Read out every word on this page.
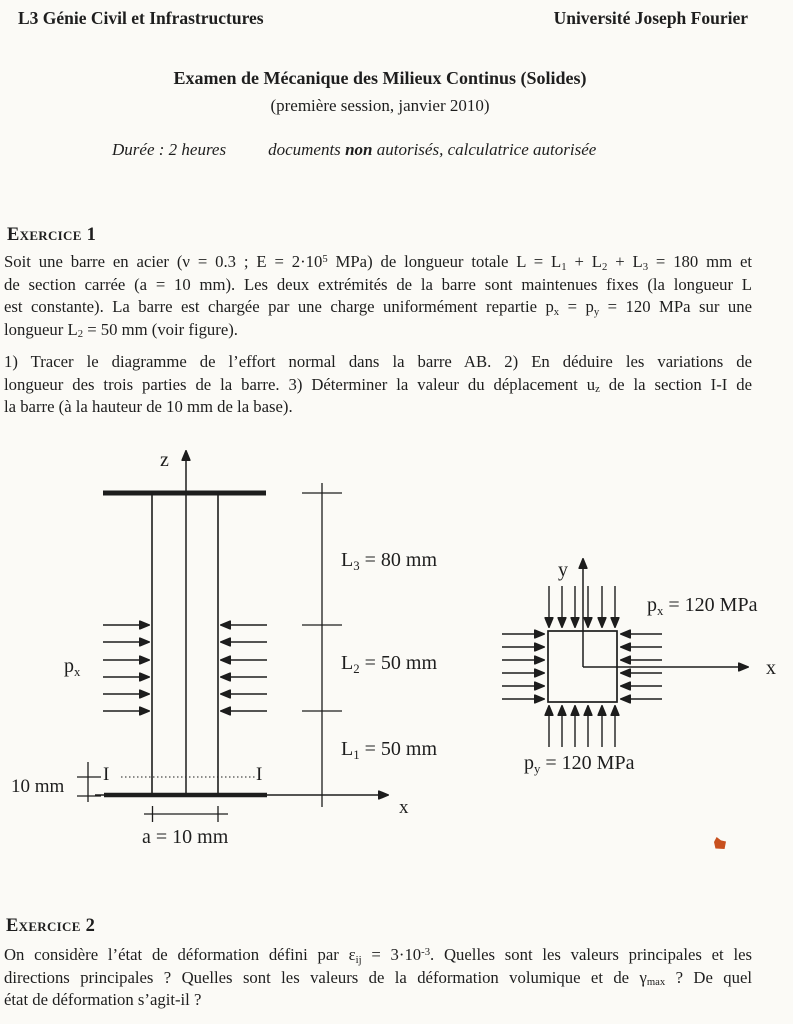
L3 Génie Civil et Infrastructures	Université Joseph Fourier
Examen de Mécanique des Milieux Continus (Solides)
(première session, janvier 2010)
Durée : 2 heures documents non autorisés, calculatrice autorisée
Exercice 1
Soit une barre en acier (ν = 0.3 ; $E = 2\cdot 10^5$ MPa) de longueur totale $L = L_1 + L_2 + L_3 = 180$ mm et
de section carrée (a = 10 mm). Les deux extrémités de la barre sont maintenues fixes (la longueur L
est constante). La barre est chargée par une charge uniformément repartie $p_x = p_y = 120$ MPa sur une
longueur $L_2 = 50$ mm (voir figure).
1) Tracer le diagramme de l’effort normal dans la barre AB. 2) En déduire les variations de
longueur des trois parties de la barre. 3) Déterminer la valeur du déplacement $u_z$ de la section I-I de
la barre (à la hauteur de 10 mm de la base).
z
$p_x$
$L_3 = 80$ mm
$L_2 = 50$ mm
$L_1 = 50$ mm
I	I
10 mm
x
a = 10 mm
y
x
$p_x = 120$ MPa
$p_y = 120$ MPa
Exercice 2
On considère l’état de déformation défini par $\varepsilon_{ij} = 3\cdot 10^{-3}$. Quelles sont les valeurs principales et les
directions principales ? Quelles sont les valeurs de la déformation volumique et de $\gamma_{max}$ ? De quel
état de déformation s’agit-il ?
